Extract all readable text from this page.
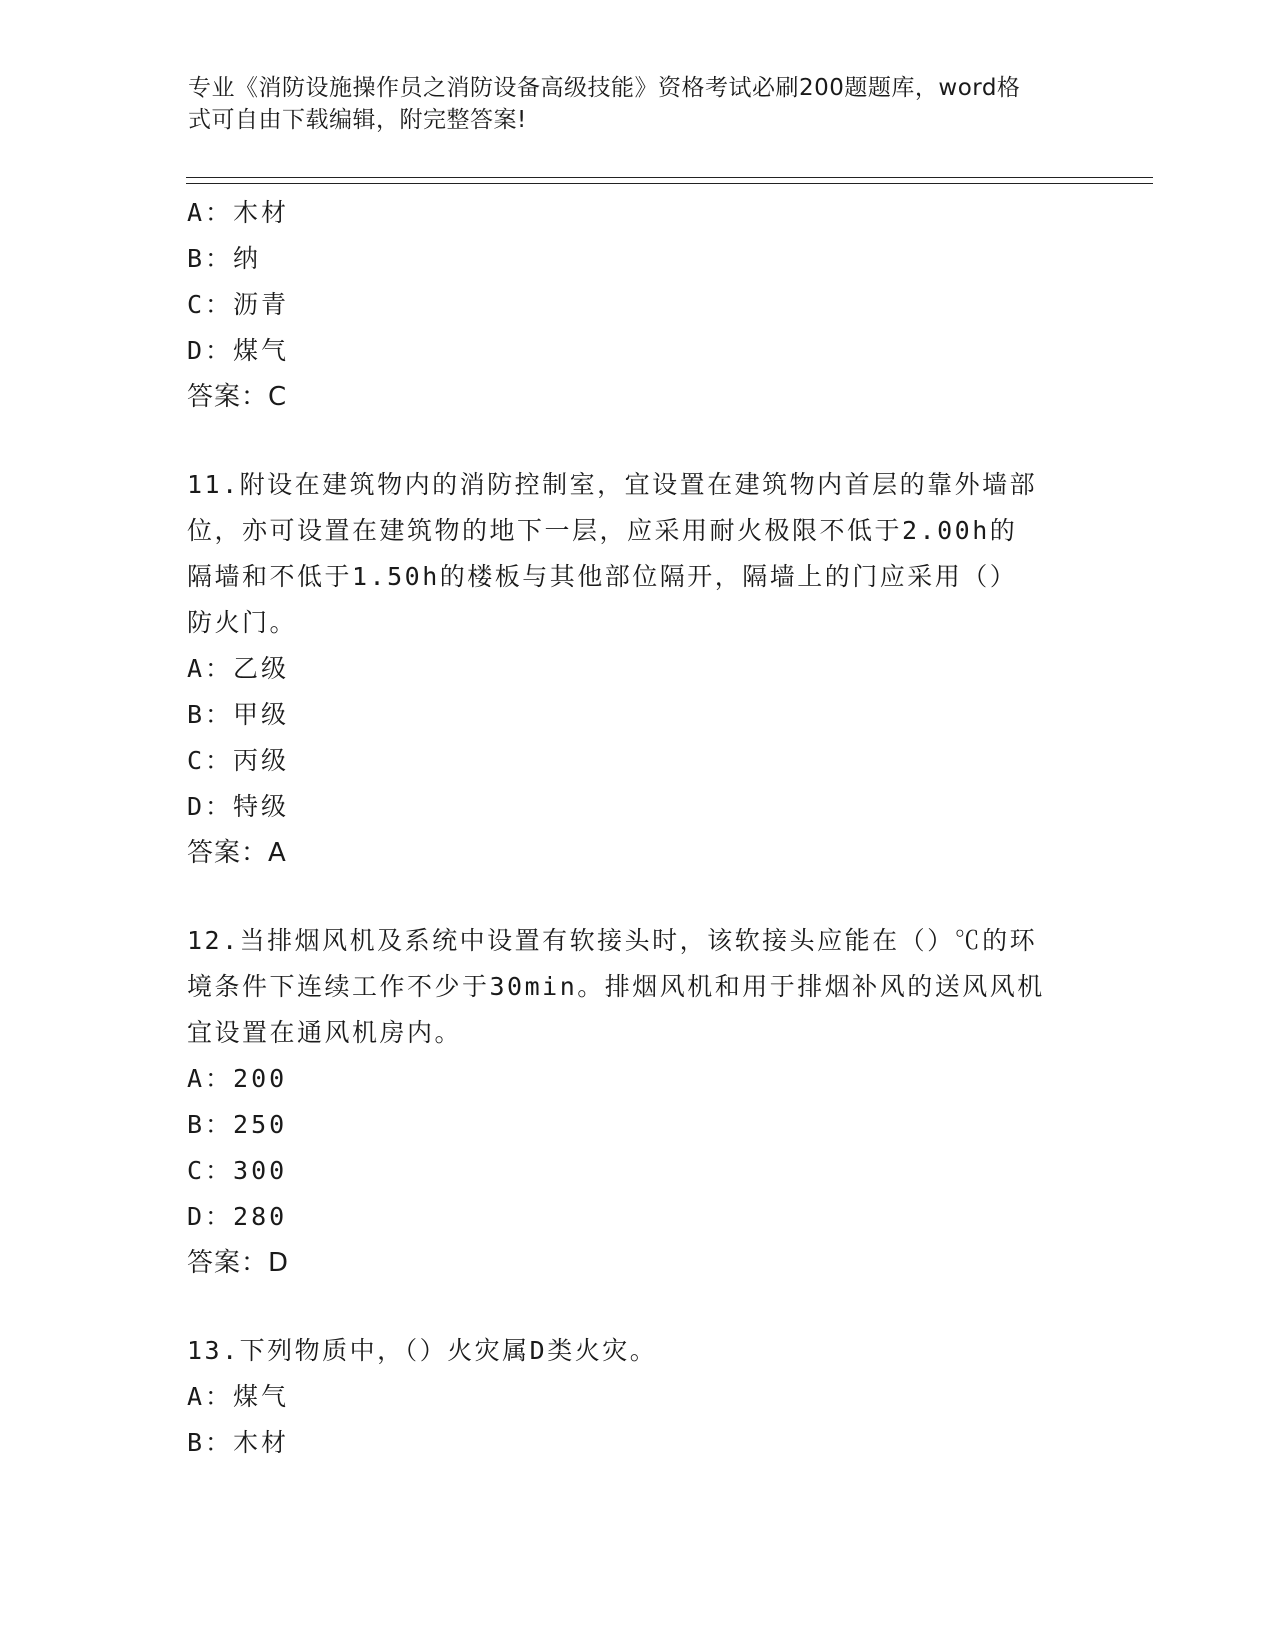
专业《消防设施操作员之消防设备高级技能》资格考试必刷200题题库，word格
式可自由下载编辑，附完整答案!
A：木材
B：纳
C：沥青
D：煤气
答案：C
11.附设在建筑物内的消防控制室，宜设置在建筑物内首层的靠外墙部
位，亦可设置在建筑物的地下一层，应采用耐火极限不低于2.00h的
隔墙和不低于1.50h的楼板与其他部位隔开，隔墙上的门应采用（）
防火门。
A：乙级
B：甲级
C：丙级
D：特级
答案：A
12.当排烟风机及系统中设置有软接头时，该软接头应能在（）℃的环
境条件下连续工作不少于30min。排烟风机和用于排烟补风的送风风机
宜设置在通风机房内。
A：200
B：250
C：300
D：280
答案：D
13.下列物质中，（）火灾属D类火灾。
A：煤气
B：木材
